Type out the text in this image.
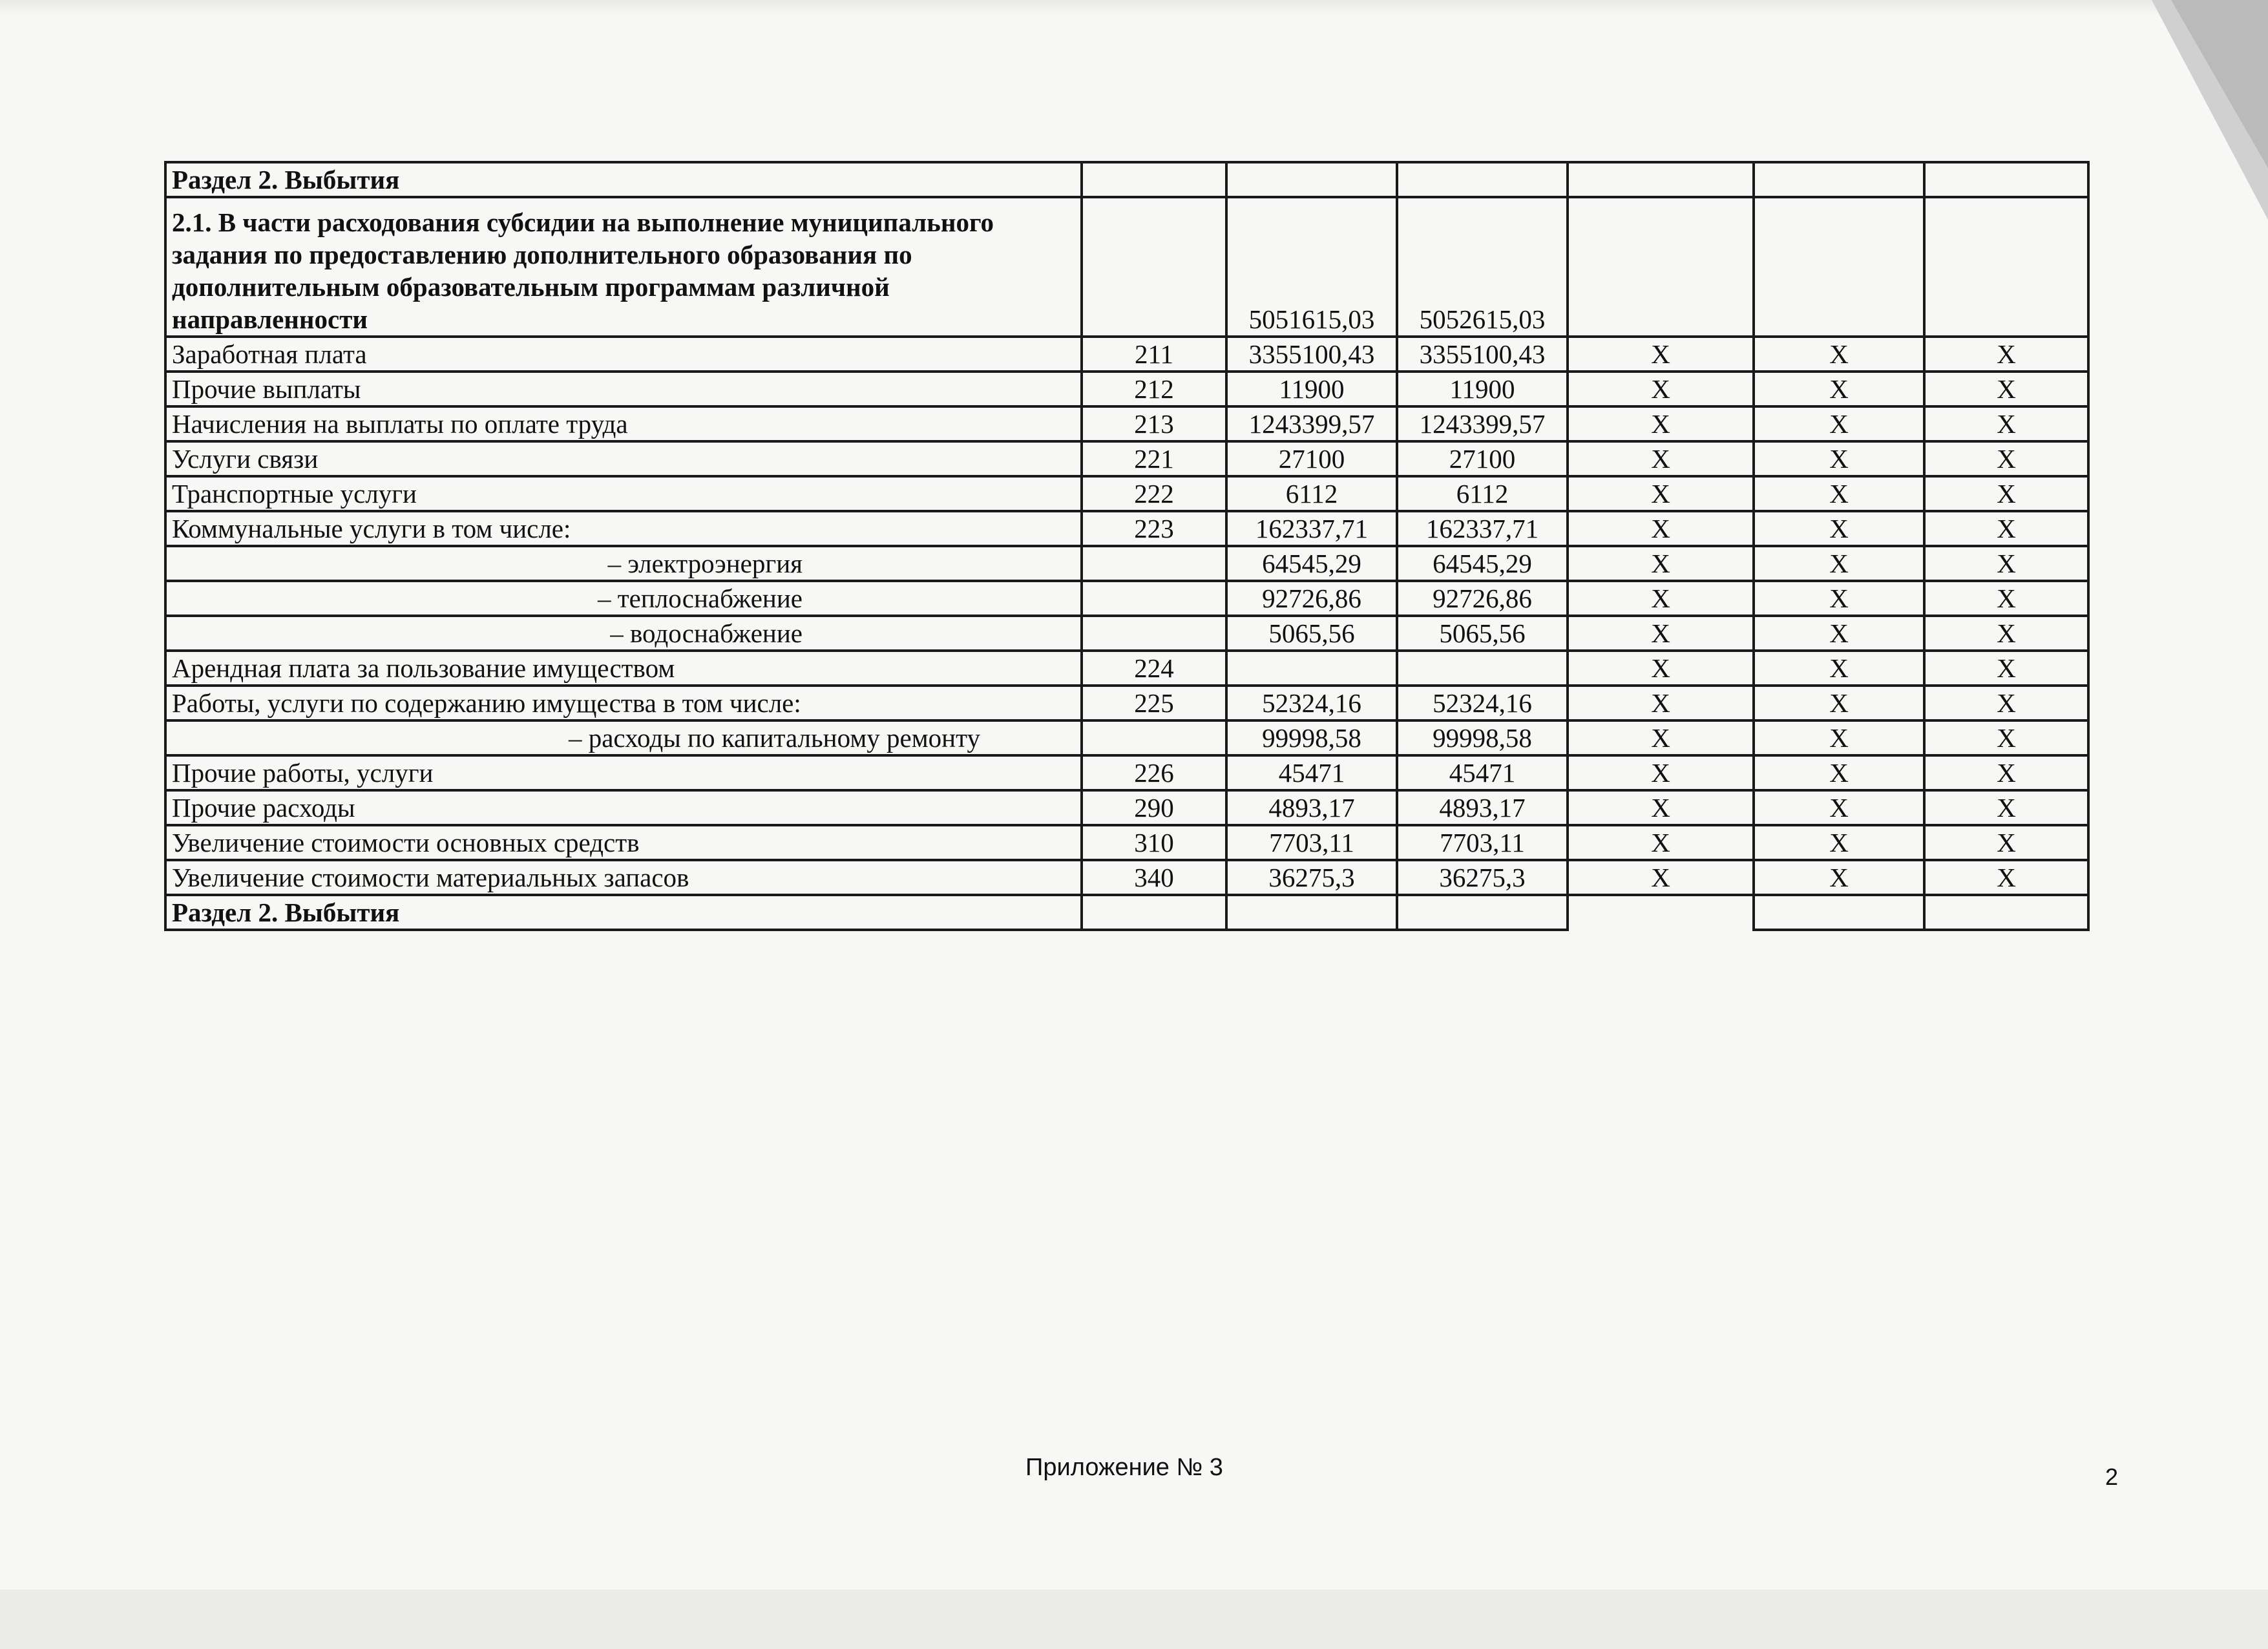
Раздел 2. Выбытия						
2.1. В части расходования субсидии на выполнение муниципального задания по предоставлению дополнительного образования по дополнительным образовательным программам различной направленности		5051615,03	5052615,03			
Заработная плата	211	3355100,43	3355100,43	X	X	X
Прочие выплаты	212	11900	11900	X	X	X
Начисления на выплаты по оплате труда	213	1243399,57	1243399,57	X	X	X
Услуги связи	221	27100	27100	X	X	X
Транспортные услуги	222	6112	6112	X	X	X
Коммунальные услуги в том числе:	223	162337,71	162337,71	X	X	X
– электроэнергия		64545,29	64545,29	X	X	X
– теплоснабжение		92726,86	92726,86	X	X	X
– водоснабжение		5065,56	5065,56	X	X	X
Арендная плата за пользование имуществом	224			X	X	X
Работы, услуги по содержанию имущества в том числе:	225	52324,16	52324,16	X	X	X
– расходы по капитальному ремонту		99998,58	99998,58	X	X	X
Прочие работы, услуги	226	45471	45471	X	X	X
Прочие расходы	290	4893,17	4893,17	X	X	X
Увеличение стоимости основных средств	310	7703,11	7703,11	X	X	X
Увеличение стоимости материальных запасов	340	36275,3	36275,3	X	X	X
Раздел 2. Выбытия						
Приложение № 3	2
